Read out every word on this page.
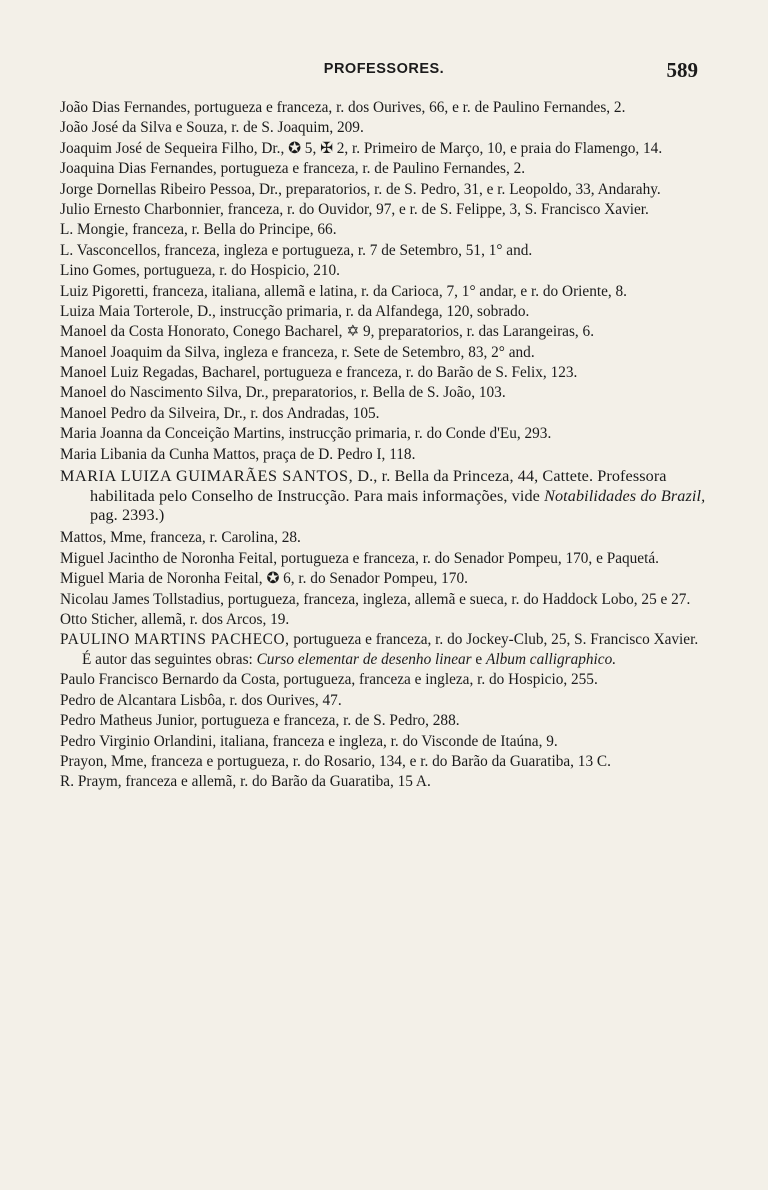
PROFESSORES.	589

João Dias Fernandes, portugueza e franceza, r. dos Ourives, 66, e r. de Paulino Fernandes, 2.

João José da Silva e Souza, r. de S. Joaquim, 209.

Joaquim José de Sequeira Filho, Dr., ✪ 5, ✠ 2, r. Primeiro de Março, 10, e praia do Flamengo, 14.

Joaquina Dias Fernandes, portugueza e franceza, r. de Paulino Fernandes, 2.

Jorge Dornellas Ribeiro Pessoa, Dr., preparatorios, r. de S. Pedro, 31, e r. Leopoldo, 33, Andarahy.

Julio Ernesto Charbonnier, franceza, r. do Ouvidor, 97, e r. de S. Felippe, 3, S. Francisco Xavier.

L. Mongie, franceza, r. Bella do Principe, 66.

L. Vasconcellos, franceza, ingleza e portugueza, r. 7 de Setembro, 51, 1° and.

Lino Gomes, portugueza, r. do Hospicio, 210.

Luiz Pigoretti, franceza, italiana, allemã e latina, r. da Carioca, 7, 1° andar, e r. do Oriente, 8.

Luiza Maia Torterole, D., instrucção primaria, r. da Alfandega, 120, sobrado.

Manoel da Costa Honorato, Conego Bacharel, ✡ 9, preparatorios, r. das Larangeiras, 6.

Manoel Joaquim da Silva, ingleza e franceza, r. Sete de Setembro, 83, 2° and.

Manoel Luiz Regadas, Bacharel, portugueza e franceza, r. do Barão de S. Felix, 123.

Manoel do Nascimento Silva, Dr., preparatorios, r. Bella de S. João, 103.

Manoel Pedro da Silveira, Dr., r. dos Andradas, 105.

Maria Joanna da Conceição Martins, instrucção primaria, r. do Conde d'Eu, 293.

Maria Libania da Cunha Mattos, praça de D. Pedro I, 118.

MARIA LUIZA GUIMARÃES SANTOS, D., r. Bella da Princeza, 44, Cattete. Professora habilitada pelo Conselho de Instrucção. Para mais informações, vide Notabilidades do Brazil, pag. 2393.)

Mattos, Mme, franceza, r. Carolina, 28.

Miguel Jacintho de Noronha Feital, portugueza e franceza, r. do Senador Pompeu, 170, e Paquetá.

Miguel Maria de Noronha Feital, ✪ 6, r. do Senador Pompeu, 170.

Nicolau James Tollstadius, portugueza, franceza, ingleza, allemã e sueca, r. do Haddock Lobo, 25 e 27.

Otto Sticher, allemã, r. dos Arcos, 19.

PAULINO MARTINS PACHECO, portugueza e franceza, r. do Jockey-Club, 25, S. Francisco Xavier. É autor das seguintes obras: Curso elementar de desenho linear e Album calligraphico.

Paulo Francisco Bernardo da Costa, portugueza, franceza e ingleza, r. do Hospicio, 255.

Pedro de Alcantara Lisbôa, r. dos Ourives, 47.

Pedro Matheus Junior, portugueza e franceza, r. de S. Pedro, 288.

Pedro Virginio Orlandini, italiana, franceza e ingleza, r. do Visconde de Itaúna, 9.

Prayon, Mme, franceza e portugueza, r. do Rosario, 134, e r. do Barão da Guaratiba, 13 C.

R. Praym, franceza e allemã, r. do Barão da Guaratiba, 15 A.
